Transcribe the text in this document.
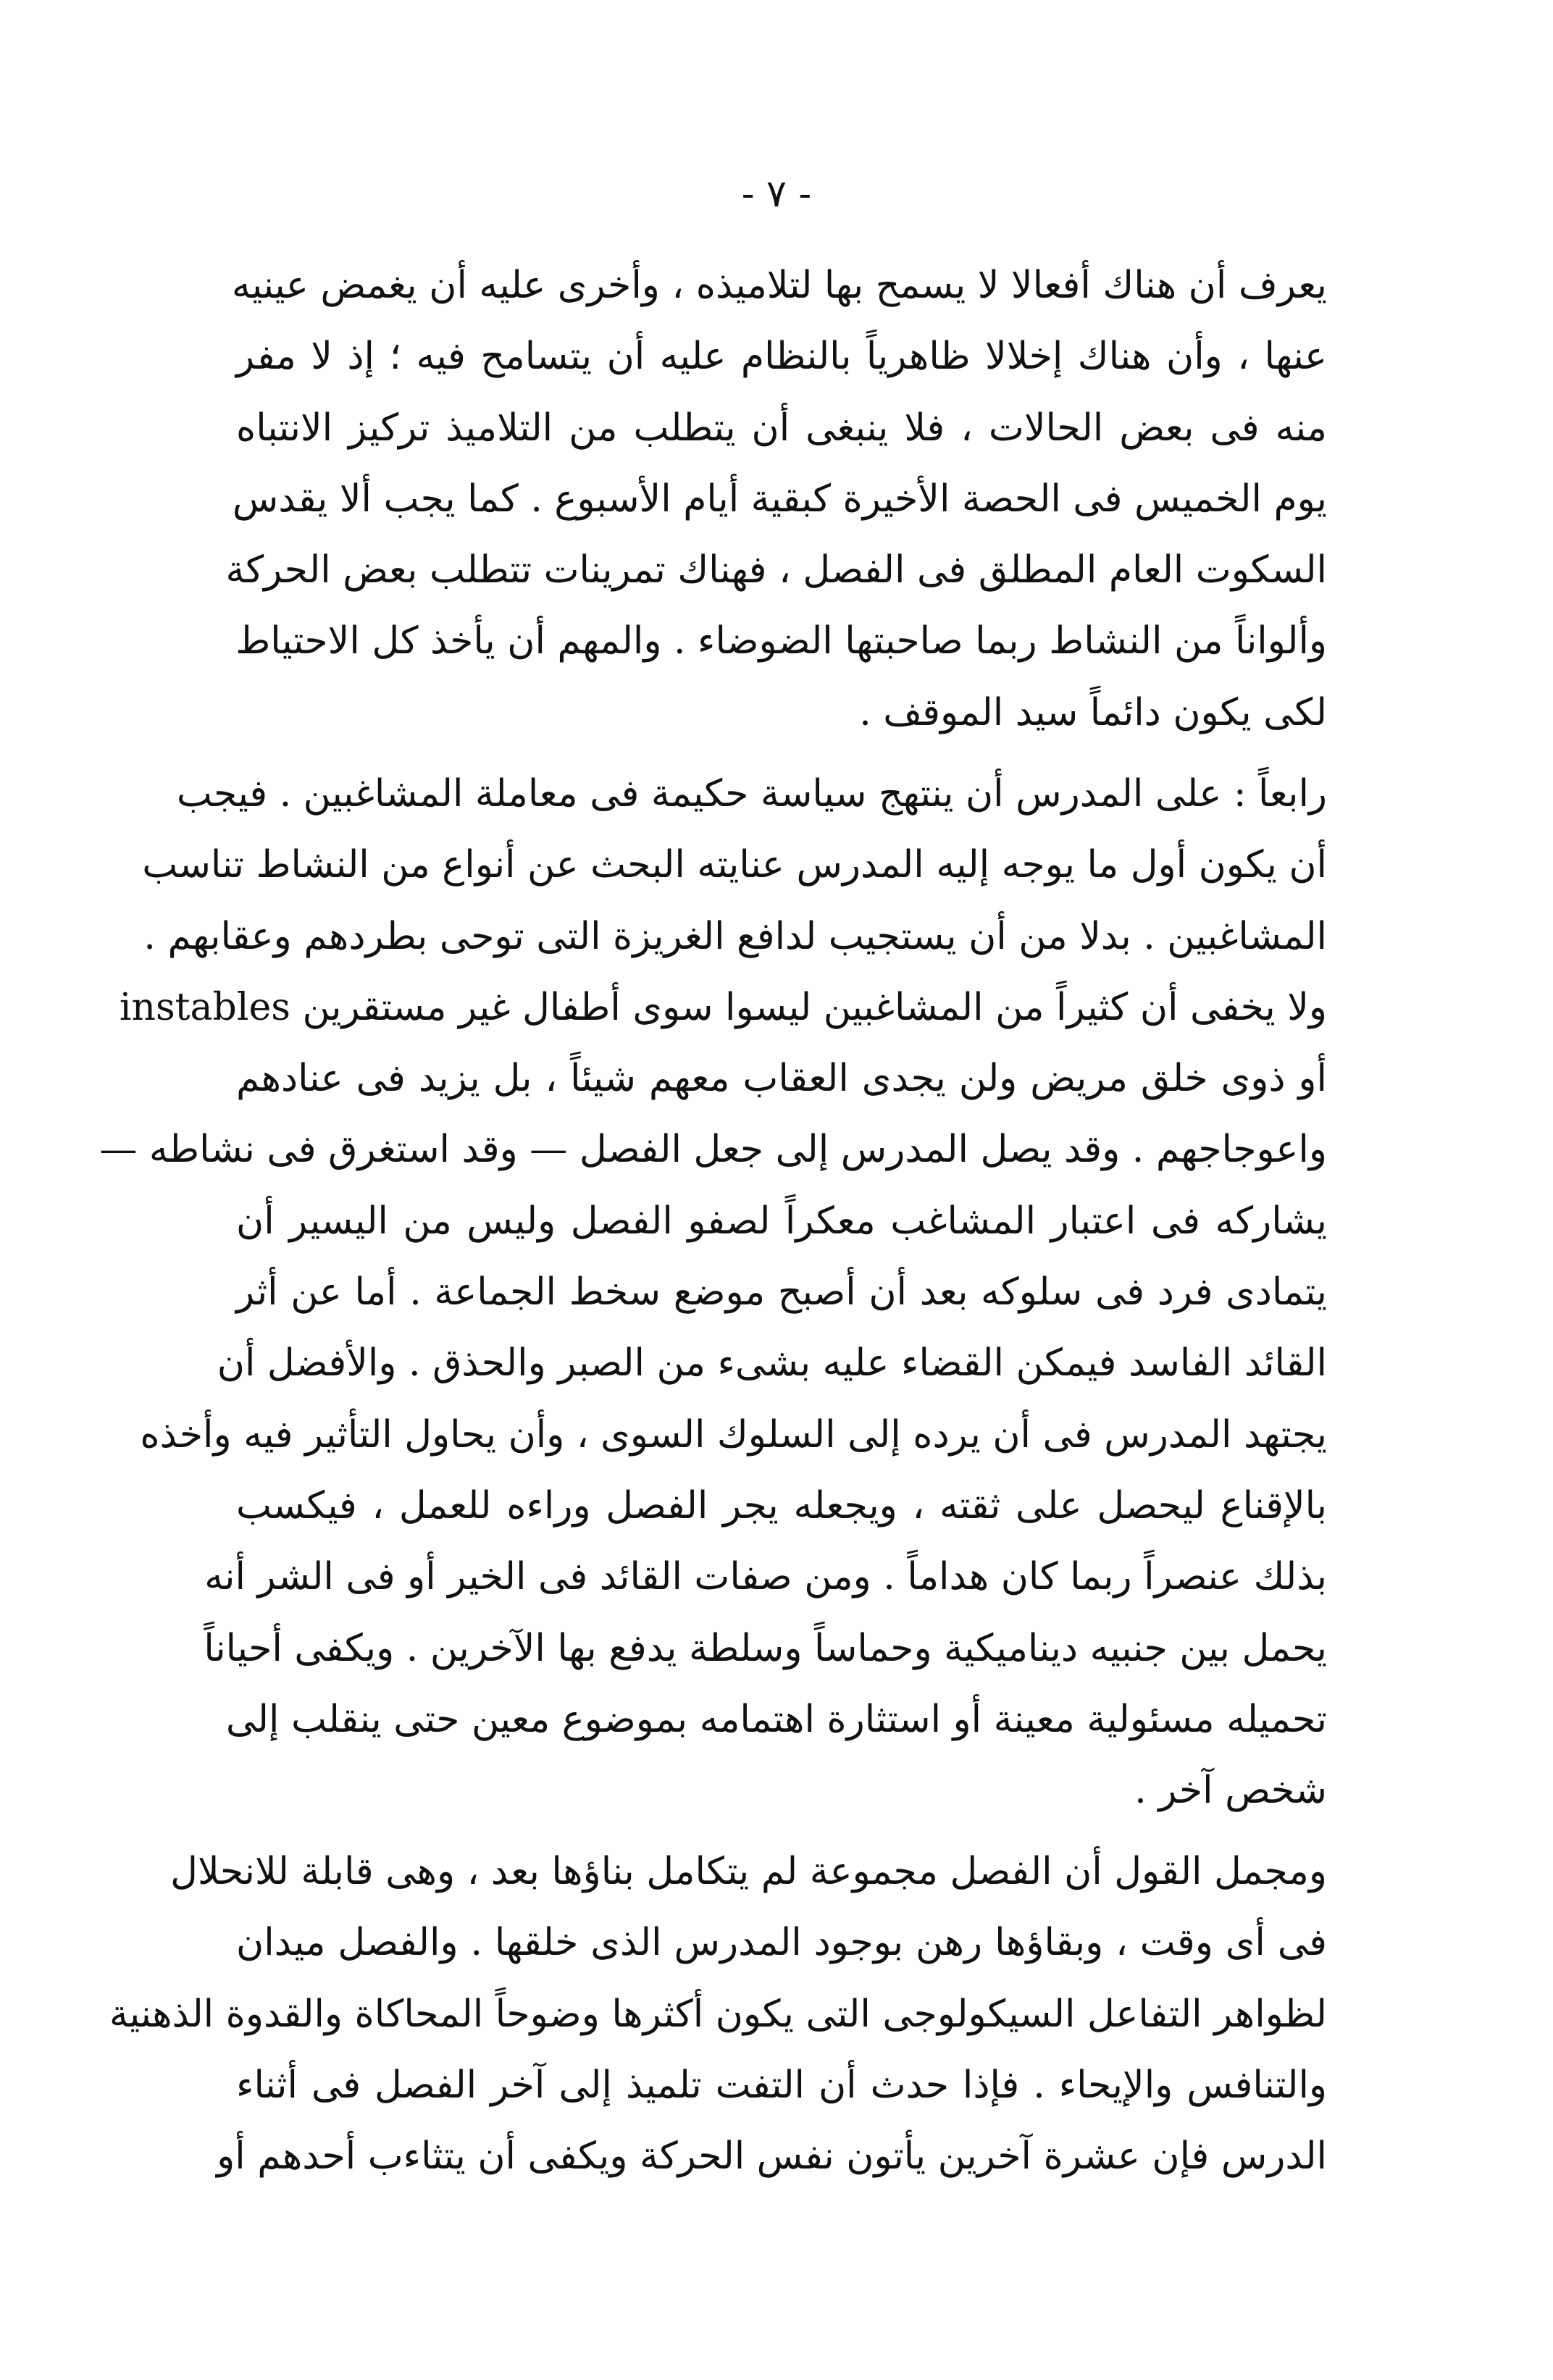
- ٧ -
يعرف أن هناك أفعالا لا يسمح بها لتلاميذه ، وأخرى عليه أن يغمض عينيه
عنها ، وأن هناك إخلالا ظاهرياً بالنظام عليه أن يتسامح فيه ؛ إذ لا مفر
منه فى بعض الحالات ، فلا ينبغى أن يتطلب من التلاميذ تركيز الانتباه
يوم الخميس فى الحصة الأخيرة كبقية أيام الأسبوع . كما يجب ألا يقدس
السكوت العام المطلق فى الفصل ، فهناك تمرينات تتطلب بعض الحركة
وألواناً من النشاط ربما صاحبتها الضوضاء . والمهم أن يأخذ كل الاحتياط
لكى يكون دائماً سيد الموقف .
رابعاً : على المدرس أن ينتهج سياسة حكيمة فى معاملة المشاغبين . فيجب
أن يكون أول ما يوجه إليه المدرس عنايته البحث عن أنواع من النشاط تناسب
المشاغبين . بدلا من أن يستجيب لدافع الغريزة التى توحى بطردهم وعقابهم .
ولا يخفى أن كثيراً من المشاغبين ليسوا سوى أطفال غير مستقرين instables
أو ذوى خلق مريض ولن يجدى العقاب معهم شيئاً ، بل يزيد فى عنادهم
واعوجاجهم . وقد يصل المدرس إلى جعل الفصل — وقد استغرق فى نشاطه —
يشاركه فى اعتبار المشاغب معكراً لصفو الفصل وليس من اليسير أن
يتمادى فرد فى سلوكه بعد أن أصبح موضع سخط الجماعة . أما عن أثر
القائد الفاسد فيمكن القضاء عليه بشىء من الصبر والحذق . والأفضل أن
يجتهد المدرس فى أن يرده إلى السلوك السوى ، وأن يحاول التأثير فيه وأخذه
بالإقناع ليحصل على ثقته ، ويجعله يجر الفصل وراءه للعمل ، فيكسب
بذلك عنصراً ربما كان هداماً . ومن صفات القائد فى الخير أو فى الشر أنه
يحمل بين جنبيه ديناميكية وحماساً وسلطة يدفع بها الآخرين . ويكفى أحياناً
تحميله مسئولية معينة أو استثارة اهتمامه بموضوع معين حتى ينقلب إلى
شخص آخر .
ومجمل القول أن الفصل مجموعة لم يتكامل بناؤها بعد ، وهى قابلة للانحلال
فى أى وقت ، وبقاؤها رهن بوجود المدرس الذى خلقها . والفصل ميدان
لظواهر التفاعل السيكولوجى التى يكون أكثرها وضوحاً المحاكاة والقدوة الذهنية
والتنافس والإيحاء . فإذا حدث أن التفت تلميذ إلى آخر الفصل فى أثناء
الدرس فإن عشرة آخرين يأتون نفس الحركة ويكفى أن يتثاءب أحدهم أو
